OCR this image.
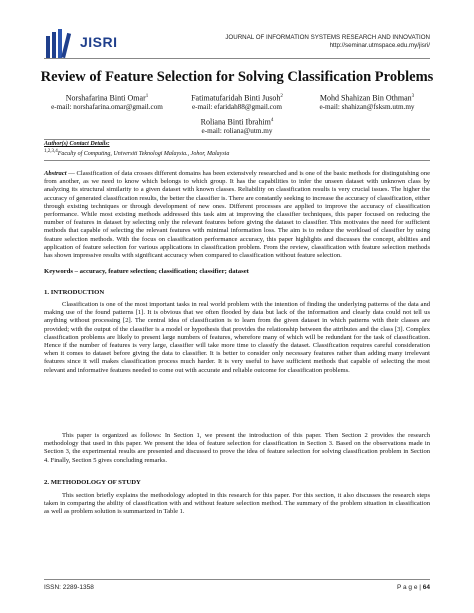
JISRI	JOURNAL OF INFORMATION SYSTEMS RESEARCH AND INNOVATION
http://seminar.utmspace.edu.my/jisri/
Review of Feature Selection for Solving Classification Problems
Norshafarina Binti Omar$^1$
e-mail: norshafarina.omar@gmail.com
Fatimatufaridah Binti Jusoh$^2$
e-mail: efaridah88@gmail.com
Mohd Shahizan Bin Othman$^3$
e-mail: shahizan@fsksm.utm.my
Roliana Binti Ibrahim$^4$
e-mail: roliana@utm.my
Author(s) Contact Details:
$^{1,2,3,4}$Faculty of Computing, Universiti Teknologi Malaysia., Johor, Malaysia
Abstract — Classification of data crosses different domains has been extensively researched and is one of the basic methods for distinguishing one from another, as we need to know which belongs to which group. It has the capabilities to infer the unseen dataset with unknown class by analyzing its structural similarity to a given dataset with known classes. Reliability on classification results is very crucial issues. The higher the accuracy of generated classification results, the better the classifier is. There are constantly seeking to increase the accuracy of classification, either through existing techniques or through development of new ones. Different processes are applied to improve the accuracy of classification performance. While most existing methods addressed this task aim at improving the classifier techniques, this paper focused on reducing the number of features in dataset by selecting only the relevant features before giving the dataset to classifier. This motivates the need for sufficient methods that capable of selecting the relevant features with minimal information loss. The aim is to reduce the workload of classifier by using feature selection methods. With the focus on classification performance accuracy, this paper highlights and discusses the concept, abilities and application of feature selection for various applications in classification problem. From the review, classification with feature selection methods has shown impressive results with significant accuracy when compared to classification without feature selection.
Keywords – accuracy, feature selection; classification; classifier; dataset
1. INTRODUCTION
Classification is one of the most important tasks in real world problem with the intention of finding the underlying patterns of the data and making use of the found patterns [1]. It is obvious that we often flooded by data but lack of the information and clearly data could not tell us anything without processing [2]. The central idea of classification is to learn from the given dataset in which patterns with their classes are provided; with the output of the classifier is a model or hypothesis that provides the relationship between the attributes and the class [3]. Complex classification problems are likely to present large numbers of features, wherefore many of which will be redundant for the task of classification. Hence if the number of features is very large, classifier will take more time to classify the dataset. Classification requires careful consideration when it comes to dataset before giving the data to classifier. It is better to consider only necessary features rather than adding many irrelevant features since it will makes classification process much harder. It is very useful to have sufficient methods that capable of selecting the most relevant and informative features needed to come out with accurate and reliable outcome for classification problems.
This paper is organized as follows: In Section 1, we present the introduction of this paper. Then Section 2 provides the research methodology that used in this paper. We present the idea of feature selection for classification in Section 3. Based on the observations made in Section 3, the experimental results are presented and discussed to prove the idea of feature selection for solving classification problem in Section 4. Finally, Section 5 gives concluding remarks.
2. METHODOLOGY OF STUDY
This section briefly explains the methodology adopted in this research for this paper. For this section, it also discusses the research steps taken in comparing the ability of classification with and without feature selection method. The summary of the problem situation in classification as well as problem solution is summarized in Table 1.
ISSN: 2289-1358	P a g e | 64
